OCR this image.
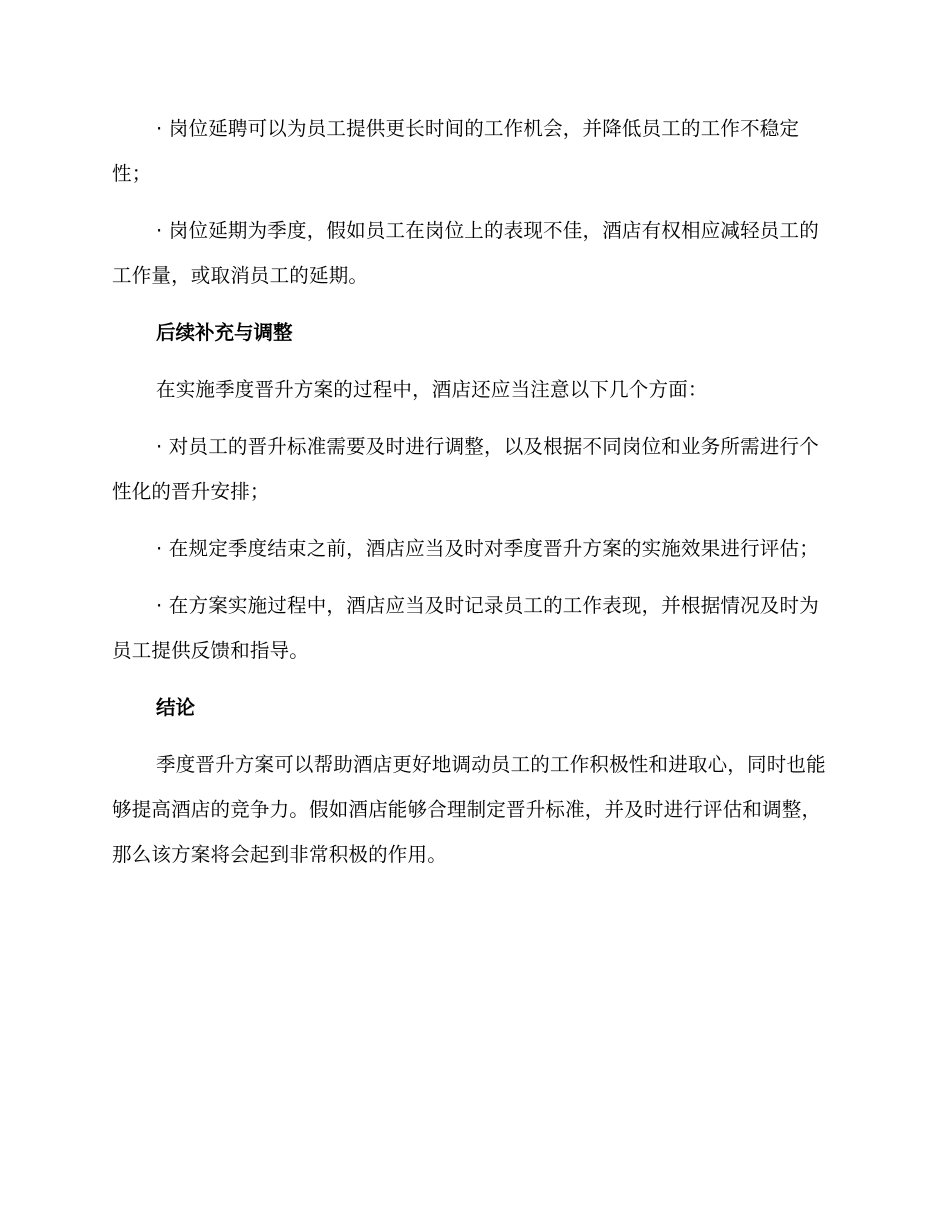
· 岗位延聘可以为员工提供更长时间的工作机会，并降低员工的工作不稳定性；

· 岗位延期为季度，假如员工在岗位上的表现不佳，酒店有权相应减轻员工的工作量，或取消员工的延期。

后续补充与调整

在实施季度晋升方案的过程中，酒店还应当注意以下几个方面：

· 对员工的晋升标准需要及时进行调整，以及根据不同岗位和业务所需进行个性化的晋升安排；

· 在规定季度结束之前，酒店应当及时对季度晋升方案的实施效果进行评估；

· 在方案实施过程中，酒店应当及时记录员工的工作表现，并根据情况及时为员工提供反馈和指导。

结论

季度晋升方案可以帮助酒店更好地调动员工的工作积极性和进取心，同时也能够提高酒店的竞争力。假如酒店能够合理制定晋升标准，并及时进行评估和调整，那么该方案将会起到非常积极的作用。
